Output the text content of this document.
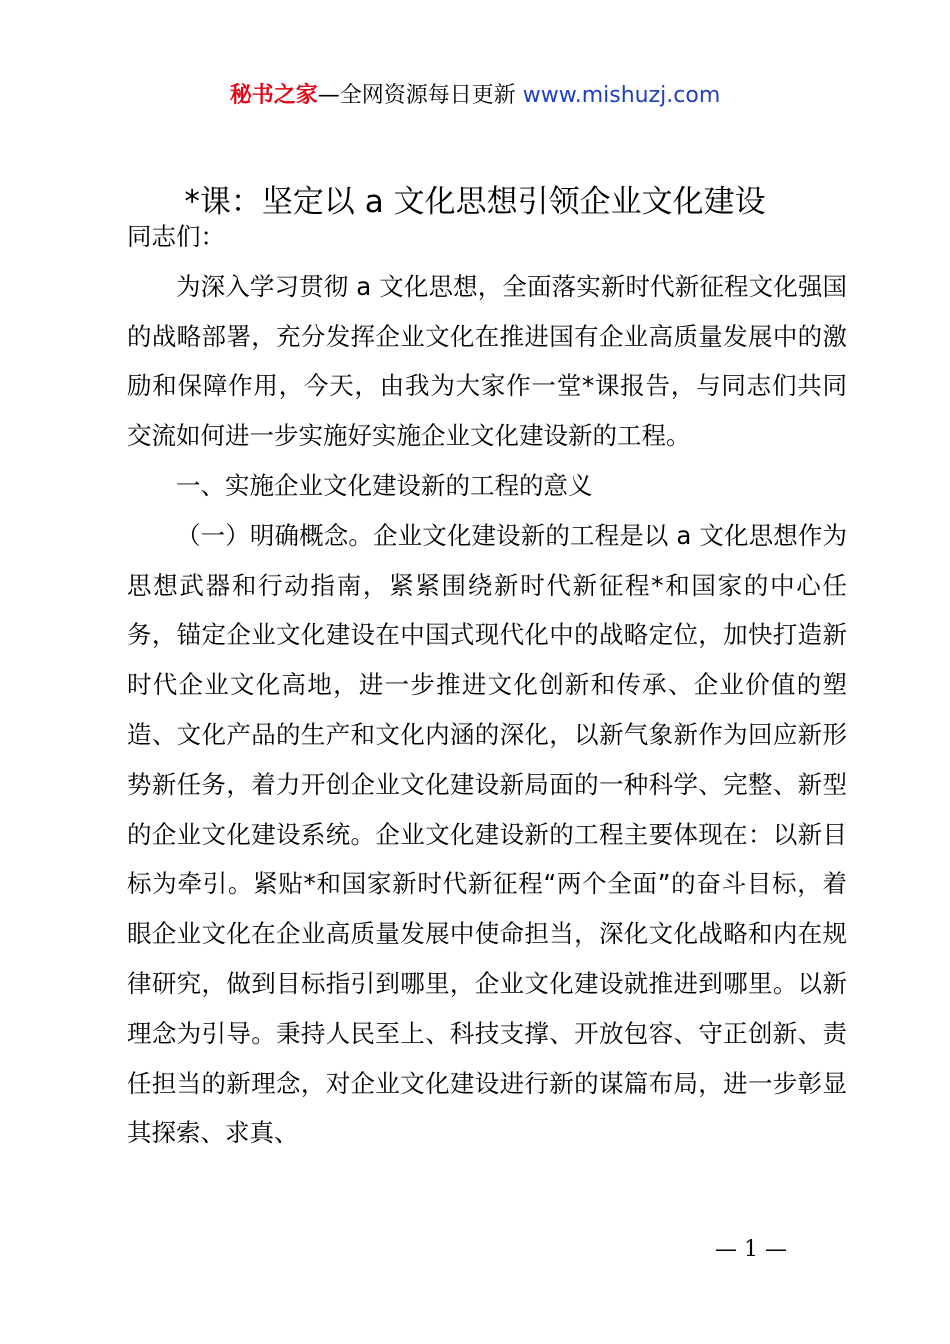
秘书之家—全网资源每日更新 www.mishuzj.com
*课：坚定以 a 文化思想引领企业文化建设

同志们：

为深入学习贯彻 a 文化思想，全面落实新时代新征程文化强国的战略部署，充分发挥企业文化在推进国有企业高质量发展中的激励和保障作用，今天，由我为大家作一堂*课报告，与同志们共同交流如何进一步实施好实施企业文化建设新的工程。

一、实施企业文化建设新的工程的意义

（一）明确概念。企业文化建设新的工程是以 a 文化思想作为思想武器和行动指南，紧紧围绕新时代新征程*和国家的中心任务，锚定企业文化建设在中国式现代化中的战略定位，加快打造新时代企业文化高地，进一步推进文化创新和传承、企业价值的塑造、文化产品的生产和文化内涵的深化，以新气象新作为回应新形势新任务，着力开创企业文化建设新局面的一种科学、完整、新型的企业文化建设系统。企业文化建设新的工程主要体现在：以新目标为牵引。紧贴*和国家新时代新征程“两个全面”的奋斗目标，着眼企业文化在企业高质量发展中使命担当，深化文化战略和内在规律研究，做到目标指引到哪里，企业文化建设就推进到哪里。以新理念为引导。秉持人民至上、科技支撑、开放包容、守正创新、责任担当的新理念，对企业文化建设进行新的谋篇布局，进一步彰显其探索、求真、

— 1 —
